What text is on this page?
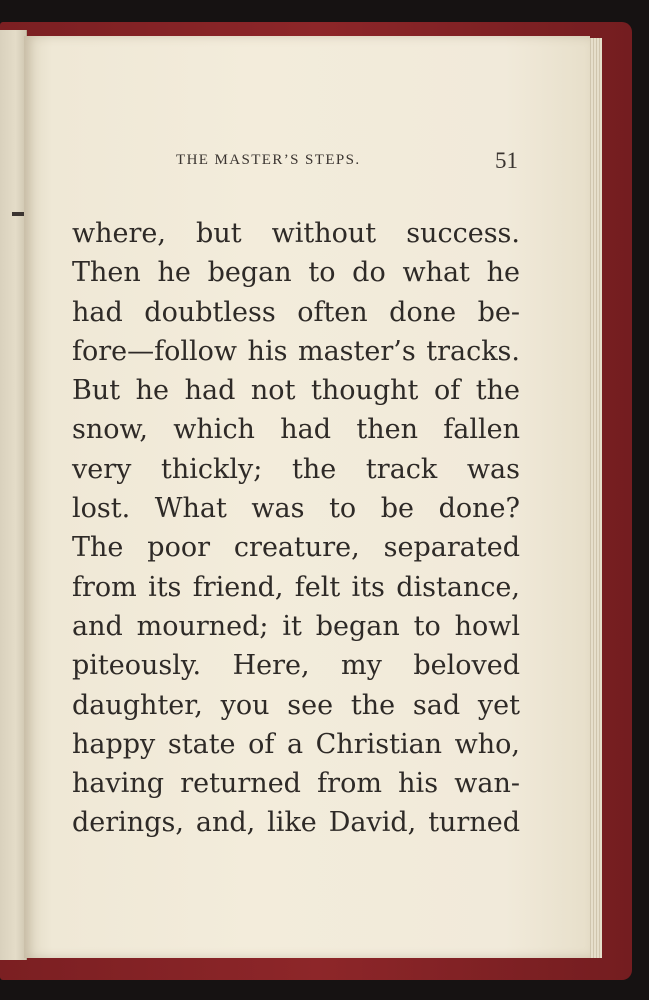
THE MASTER’S STEPS.	51
where, but without success.
Then he began to do what he
had doubtless often done be-
fore—follow his master’s tracks.
But he had not thought of the
snow, which had then fallen
very thickly; the track was
lost. What was to be done?
The poor creature, separated
from its friend, felt its distance,
and mourned; it began to howl
piteously. Here, my beloved
daughter, you see the sad yet
happy state of a Christian who,
having returned from his wan-
derings, and, like David, turned
